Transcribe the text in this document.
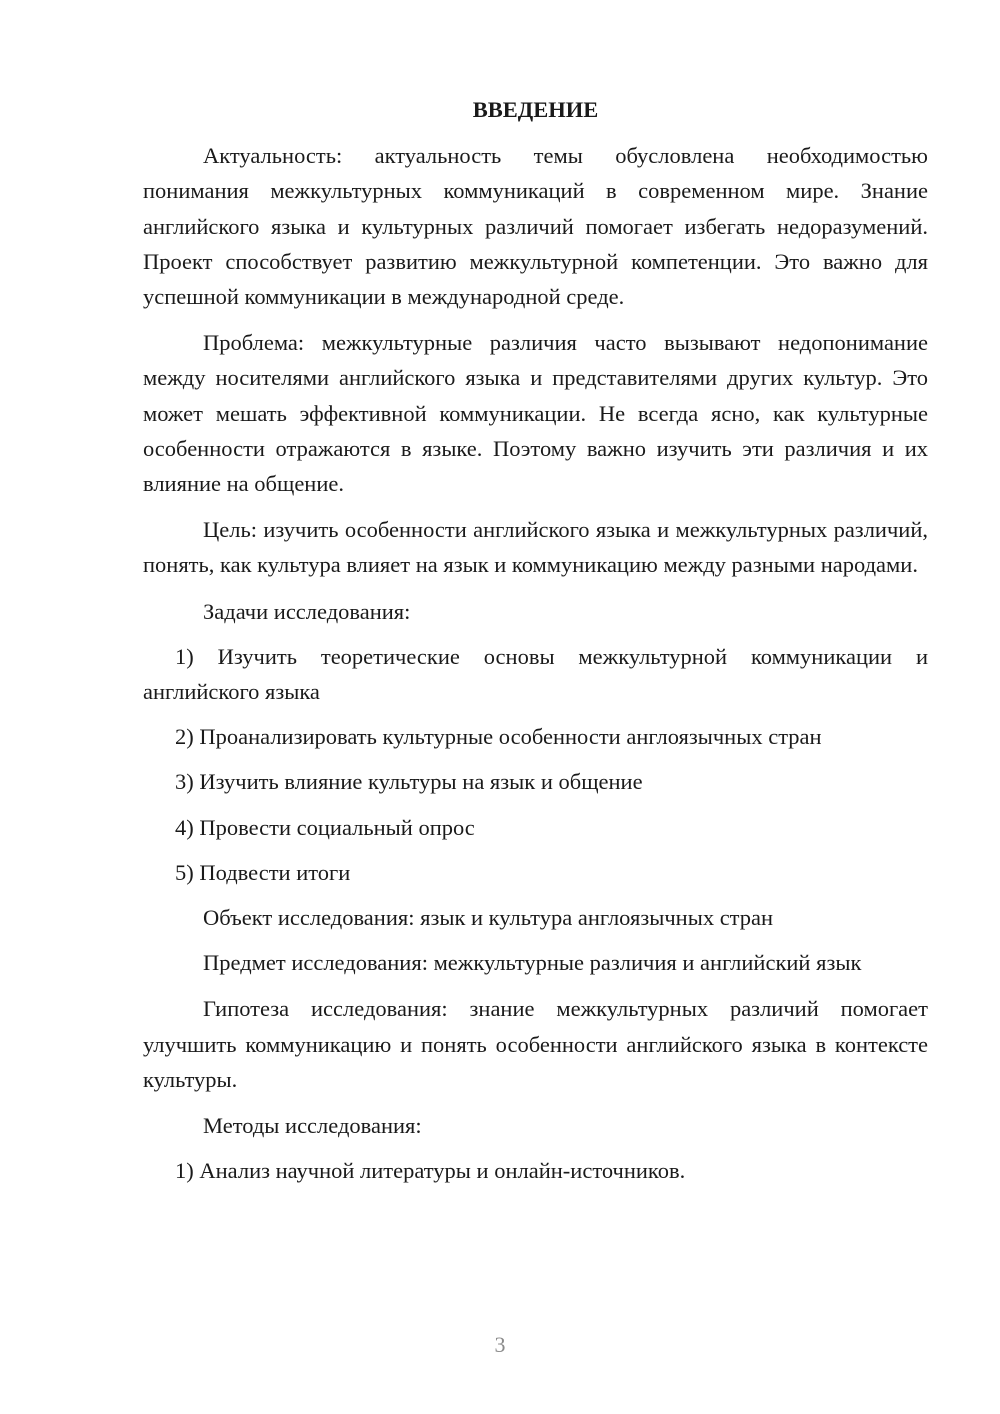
ВВЕДЕНИЕ

Актуальность: актуальность темы обусловлена необходимостью понимания межкультурных коммуникаций в современном мире. Знание английского языка и культурных различий помогает избегать недоразумений. Проект способствует развитию межкультурной компетенции. Это важно для успешной коммуникации в международной среде.

Проблема: межкультурные различия часто вызывают недопонимание между носителями английского языка и представителями других культур. Это может мешать эффективной коммуникации. Не всегда ясно, как культурные особенности отражаются в языке. Поэтому важно изучить эти различия и их влияние на общение.

Цель: изучить особенности английского языка и межкультурных различий, понять, как культура влияет на язык и коммуникацию между разными народами.

Задачи исследования:

1) Изучить теоретические основы межкультурной коммуникации и английского языка

2) Проанализировать культурные особенности англоязычных стран

3) Изучить влияние культуры на язык и общение

4) Провести социальный опрос

5) Подвести итоги

Объект исследования: язык и культура англоязычных стран

Предмет исследования: межкультурные различия и английский язык

Гипотеза исследования: знание межкультурных различий помогает улучшить коммуникацию и понять особенности английского языка в контексте культуры.

Методы исследования:

1) Анализ научной литературы и онлайн-источников.

3
